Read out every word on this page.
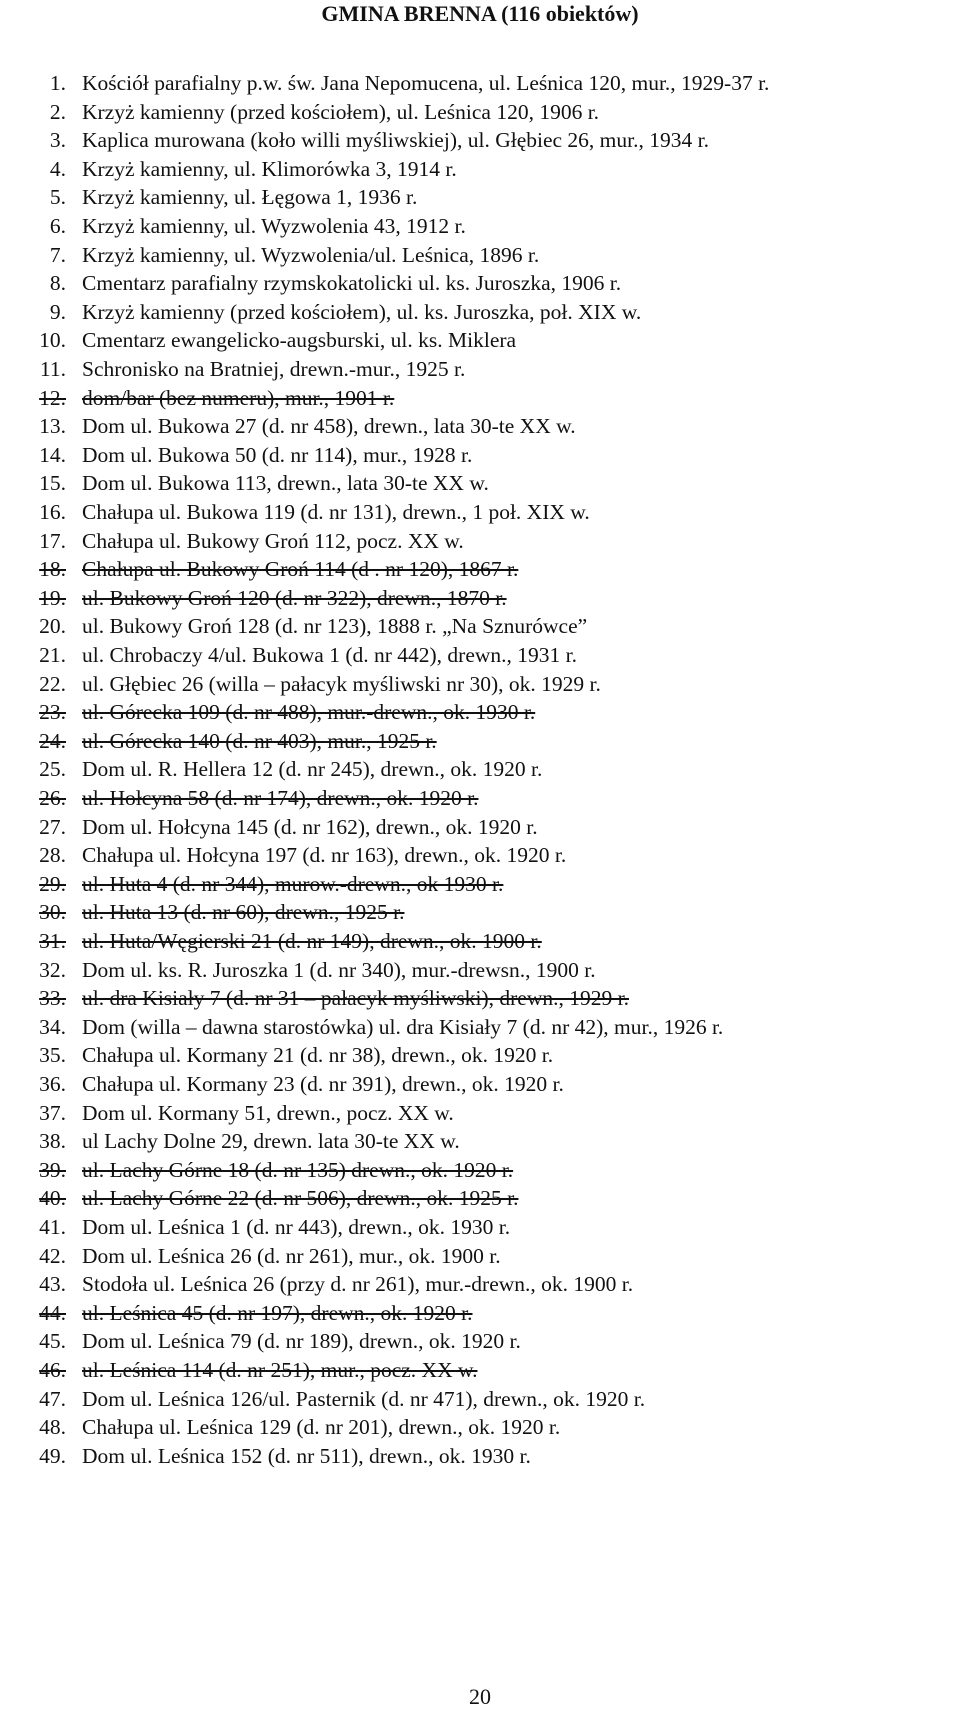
GMINA BRENNA (116 obiektów)
1. Kościół parafialny p.w. św. Jana Nepomucena, ul. Leśnica 120, mur., 1929-37 r.
2. Krzyż kamienny (przed kościołem), ul. Leśnica 120, 1906 r.
3. Kaplica murowana (koło willi myśliwskiej), ul. Głębiec 26, mur., 1934 r.
4. Krzyż kamienny, ul. Klimorówka 3, 1914 r.
5. Krzyż kamienny, ul. Łęgowa 1, 1936 r.
6. Krzyż kamienny, ul. Wyzwolenia 43, 1912 r.
7. Krzyż kamienny, ul. Wyzwolenia/ul. Leśnica, 1896 r.
8. Cmentarz parafialny rzymskokatolicki ul. ks. Juroszka, 1906 r.
9. Krzyż kamienny (przed kościołem), ul. ks. Juroszka, poł. XIX w.
10. Cmentarz ewangelicko-augsburski, ul. ks. Miklera
11. Schronisko na Bratniej, drewn.-mur., 1925 r.
12. dom/bar (bez numeru), mur., 1901 r.
13. Dom ul. Bukowa 27 (d. nr 458), drewn., lata 30-te XX w.
14. Dom ul. Bukowa 50 (d. nr 114), mur., 1928 r.
15. Dom ul. Bukowa 113, drewn., lata 30-te XX w.
16. Chałupa ul. Bukowa 119 (d. nr 131), drewn., 1 poł. XIX w.
17. Chałupa ul. Bukowy Groń 112, pocz. XX w.
18. Chałupa ul. Bukowy Groń 114 (d . nr 120), 1867 r.
19. ul. Bukowy Groń 120 (d. nr 322), drewn., 1870 r.
20. ul. Bukowy Groń 128 (d. nr 123), 1888 r. „Na Sznurówce”
21. ul. Chrobaczy 4/ul. Bukowa 1 (d. nr 442), drewn., 1931 r.
22. ul. Głębiec 26 (willa – pałacyk myśliwski nr 30), ok. 1929 r.
23. ul. Górecka 109 (d. nr 488), mur.-drewn., ok. 1930 r.
24. ul. Górecka 140 (d. nr 403), mur., 1925 r.
25. Dom ul. R. Hellera 12 (d. nr 245), drewn., ok. 1920 r.
26. ul. Hołcyna 58 (d. nr 174), drewn., ok. 1920 r.
27. Dom ul. Hołcyna 145 (d. nr 162), drewn., ok. 1920 r.
28. Chałupa ul. Hołcyna 197 (d. nr 163), drewn., ok. 1920 r.
29. ul. Huta 4 (d. nr 344), murow.-drewn., ok 1930 r.
30. ul. Huta 13 (d. nr 60), drewn., 1925 r.
31. ul. Huta/Węgierski 21 (d. nr 149), drewn., ok. 1900 r.
32. Dom ul. ks. R. Juroszka 1 (d. nr 340), mur.-drewsn., 1900 r.
33. ul. dra Kisiały 7 (d. nr 31 – pałacyk myśliwski), drewn., 1929 r.
34. Dom (willa – dawna starostówka) ul. dra Kisiały 7 (d. nr 42), mur., 1926 r.
35. Chałupa ul. Kormany 21 (d. nr 38), drewn., ok. 1920 r.
36. Chałupa ul. Kormany 23 (d. nr 391), drewn., ok. 1920 r.
37. Dom ul. Kormany 51, drewn., pocz. XX w.
38. ul Lachy Dolne 29, drewn. lata 30-te XX w.
39. ul. Lachy Górne 18 (d. nr 135) drewn., ok. 1920 r.
40. ul. Lachy Górne 22 (d. nr 506), drewn., ok. 1925 r.
41. Dom ul. Leśnica 1 (d. nr 443), drewn., ok. 1930 r.
42. Dom ul. Leśnica 26 (d. nr 261), mur., ok. 1900 r.
43. Stodoła ul. Leśnica 26 (przy d. nr 261), mur.-drewn., ok. 1900 r.
44. ul. Leśnica 45 (d. nr 197), drewn., ok. 1920 r.
45. Dom ul. Leśnica 79 (d. nr 189), drewn., ok. 1920 r.
46. ul. Leśnica 114 (d. nr 251), mur., pocz. XX w.
47. Dom ul. Leśnica 126/ul. Pasternik (d. nr 471), drewn., ok. 1920 r.
48. Chałupa ul. Leśnica 129 (d. nr 201), drewn., ok. 1920 r.
49. Dom ul. Leśnica 152 (d. nr 511), drewn., ok. 1930 r.
20
